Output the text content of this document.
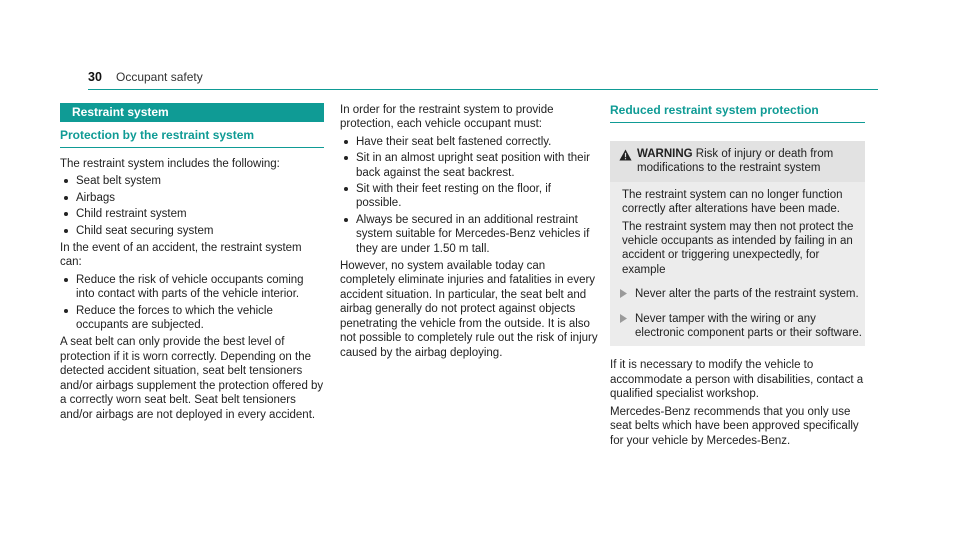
30 Occupant safety
Restraint system
Protection by the restraint system

The restraint system includes the following:

Seat belt system
Airbags
Child restraint system
Child seat securing system

In the event of an accident, the restraint system can:

Reduce the risk of vehicle occupants coming into contact with parts of the vehicle interior.
Reduce the forces to which the vehicle occupants are subjected.

A seat belt can only provide the best level of protection if it is worn correctly. Depending on the detected accident situation, seat belt tensioners and/or airbags supplement the protection offered by a correctly worn seat belt. Seat belt tensioners and/or airbags are not deployed in every accident.

In order for the restraint system to provide protection, each vehicle occupant must:

Have their seat belt fastened correctly.
Sit in an almost upright seat position with their back against the seat backrest.
Sit with their feet resting on the floor, if possible.
Always be secured in an additional restraint system suitable for Mercedes-Benz vehicles if they are under 1.50 m tall.

However, no system available today can completely eliminate injuries and fatalities in every accident situation. In particular, the seat belt and airbag generally do not protect against objects penetrating the vehicle from the outside. It is also not possible to completely rule out the risk of injury caused by the airbag deploying.

Reduced restraint system protection
WARNING Risk of injury or death from modifications to the restraint system

The restraint system can no longer function correctly after alterations have been made.

The restraint system may then not protect the vehicle occupants as intended by failing in an accident or triggering unexpectedly, for example

Never alter the parts of the restraint system.
Never tamper with the wiring or any electronic component parts or their software.

If it is necessary to modify the vehicle to accommodate a person with disabilities, contact a qualified specialist workshop.

Mercedes-Benz recommends that you only use seat belts which have been approved specifically for your vehicle by Mercedes-Benz.
